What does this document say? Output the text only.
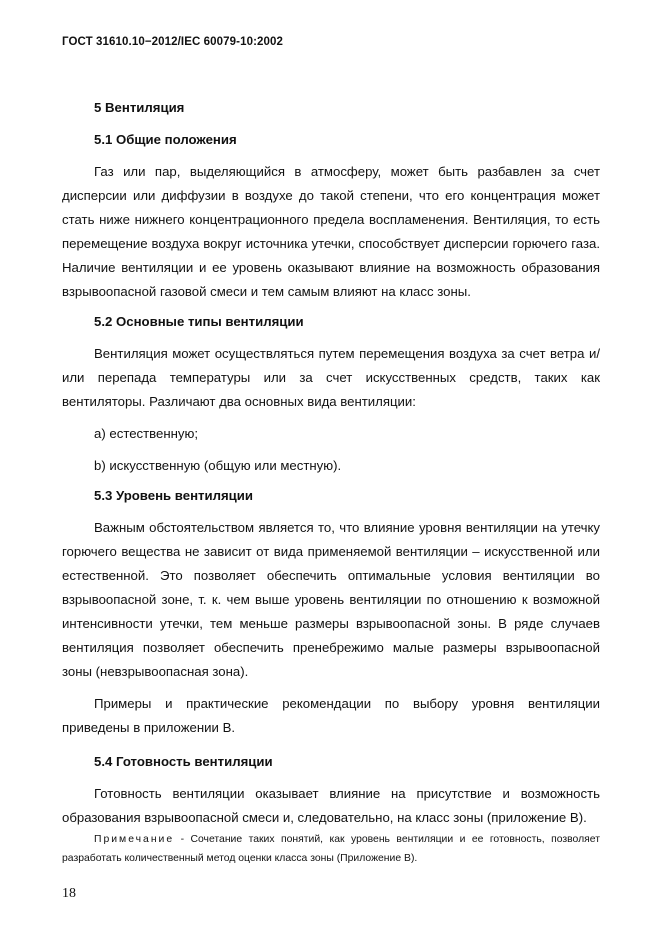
ГОСТ 31610.10−2012/IEC 60079-10:2002
5 Вентиляция
5.1 Общие положения

Газ или пар, выделяющийся в атмосферу, может быть разбавлен за счет дисперсии или диффузии в воздухе до такой степени, что его концентрация может стать ниже нижнего концентрационного предела воспламенения. Вентиляция, то есть перемещение воздуха вокруг источника утечки, способствует дисперсии горючего газа. Наличие вентиляции и ее уровень оказывают влияние на возможность образования взрывоопасной газовой смеси и тем самым влияют на класс зоны.

5.2 Основные типы вентиляции

Вентиляция может осуществляться путем перемещения воздуха за счет ветра и/или перепада температуры или за счет искусственных средств, таких как вентиляторы. Различают два основных вида вентиляции:

a) естественную;

b) искусственную (общую или местную).

5.3 Уровень вентиляции

Важным обстоятельством является то, что влияние уровня вентиляции на утечку горючего вещества не зависит от вида применяемой вентиляции – искусственной или естественной. Это позволяет обеспечить оптимальные условия вентиляции во взрывоопасной зоне, т. к. чем выше уровень вентиляции по отношению к возможной интенсивности утечки, тем меньше размеры взрывоопасной зоны. В ряде случаев вентиляция позволяет обеспечить пренебрежимо малые размеры взрывоопасной зоны (невзрывоопасная зона).

Примеры и практические рекомендации по выбору уровня вентиляции приведены в приложении В.

5.4 Готовность вентиляции

Готовность вентиляции оказывает влияние на присутствие и возможность образования взрывоопасной смеси и, следовательно, на класс зоны (приложение В).

Примечание - Сочетание таких понятий, как уровень вентиляции и ее готовность, позволяет разработать количественный метод оценки класса зоны (Приложение В).

18
